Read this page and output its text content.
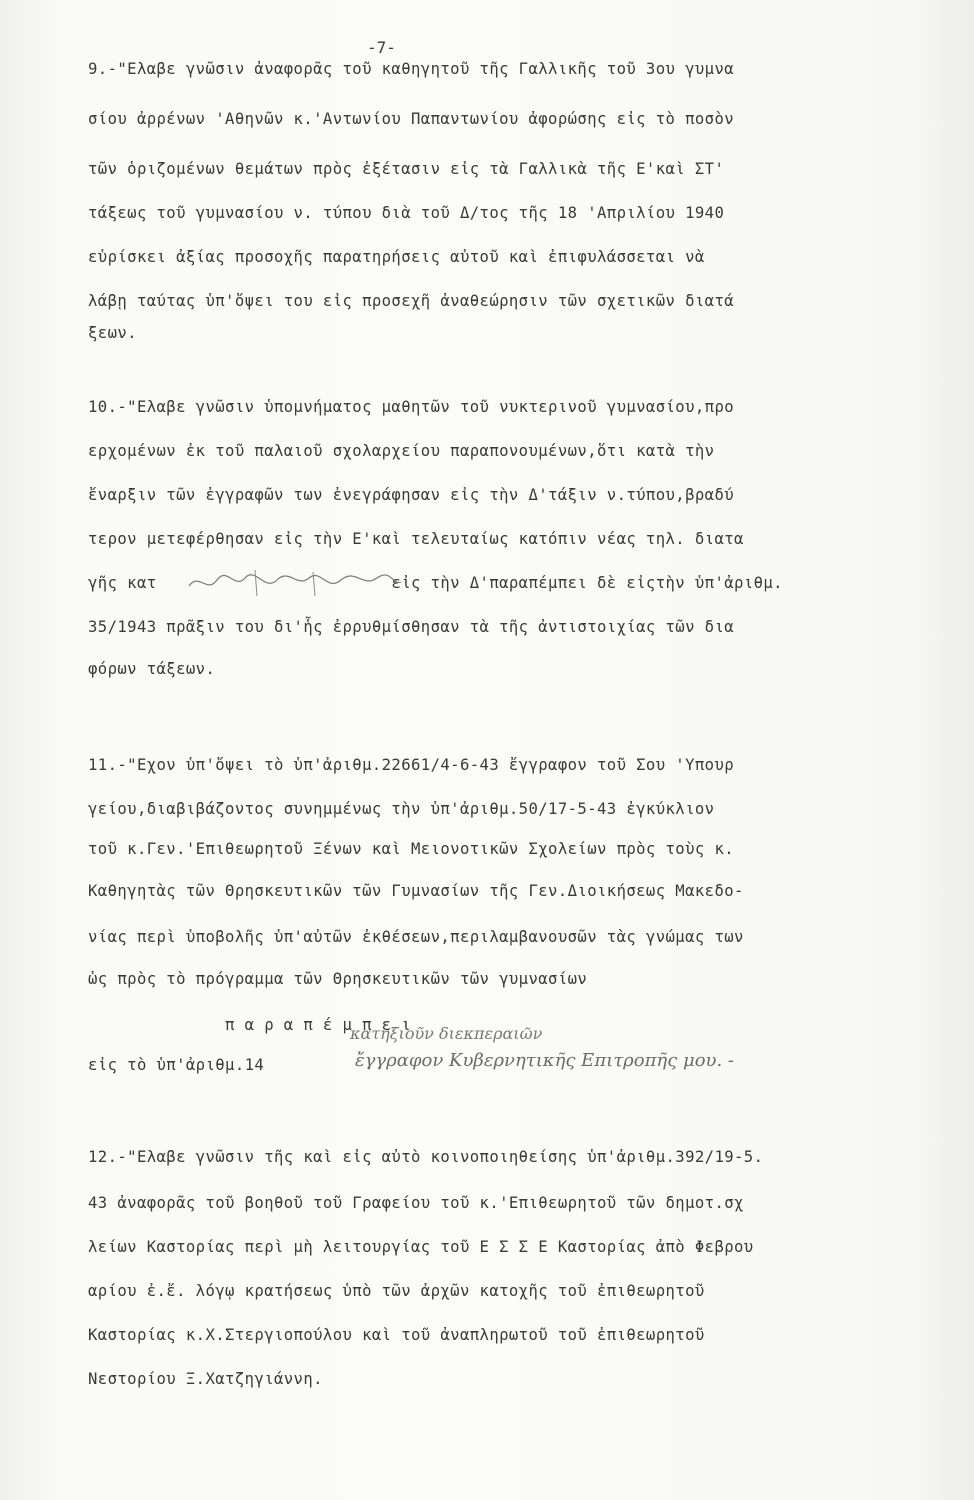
-7-
9.-"Ελαβε γνῶσιν ἀναφορᾶς τοῦ καθηγητοῦ τῆς Γαλλικῆς τοῦ 3ου γυμνα
σίου ἀρρένων 'Αθηνῶν κ.'Αντωνίου Παπαντωνίου ἀφορώσης εἰς τὸ ποσὸν
τῶν ὁριζομένων θεμάτων πρὸς ἐξέτασιν εἰς τὰ Γαλλικὰ τῆς Ε'καὶ ΣΤ'
τάξεως τοῦ γυμνασίου ν. τύπου διὰ τοῦ Δ/τος τῆς 18 'Απριλίου 1940
εὑρίσκει ἀξίας προσοχῆς παρατηρήσεις αὐτοῦ καὶ ἐπιφυλάσσεται νὰ
λάβῃ ταύτας ὑπ'ὄψει του εἰς προσεχῆ ἀναθεώρησιν τῶν σχετικῶν διατά
ξεων.
10.-"Ελαβε γνῶσιν ὑπομνήματος μαθητῶν τοῦ νυκτερινοῦ γυμνασίου,προ
ερχομένων ἐκ τοῦ παλαιοῦ σχολαρχείου παραπονουμένων,ὅτι κατὰ τὴν
ἔναρξιν τῶν ἐγγραφῶν των ἐνεγράφησαν εἰς τὴν Δ'τάξιν ν.τύπου,βραδύ
τερον μετεφέρθησαν εἰς τὴν Ε'καὶ τελευταίως κατόπιν νέας τηλ. διατα
γῆς κατ                        εἰς τὴν Δ'παραπέμπει δὲ εἰςτὴν ὑπ'ἀριθμ.
35/1943 πρᾶξιν του δι'ἧς ἐρρυθμίσθησαν τὰ τῆς ἀντιστοιχίας τῶν δια
φόρων τάξεων.
11.-"Εχον ὑπ'ὄψει τὸ ὑπ'ἀριθμ.22661/4-6-43 ἔγγραφον τοῦ Σου 'Υπουρ
γείου,διαβιβάζοντος συνημμένως τὴν ὑπ'ἀριθμ.50/17-5-43 ἐγκύκλιον
τοῦ κ.Γεν.'Επιθεωρητοῦ Ξένων καὶ Μειονοτικῶν Σχολείων πρὸς τοὺς κ.
Καθηγητὰς τῶν Θρησκευτικῶν τῶν Γυμνασίων τῆς Γεν.Διοικήσεως Μακεδο-
νίας περὶ ὑποβολῆς ὑπ'αὐτῶν ἐκθέσεων,περιλαμβανουσῶν τὰς γνώμας των
ὡς πρὸς τὸ πρόγραμμα τῶν Θρησκευτικῶν τῶν γυμνασίων
π α ρ α π έ μ π ε ι
εἰς τὸ ὑπ'ἀριθμ.14
κατηξιοῦν διεκπεραιῶν
ἔγγραφον Κυβερνητικῆς Επιτροπῆς μου. -
12.-"Ελαβε γνῶσιν τῆς καὶ εἰς αὐτὸ κοινοποιηθείσης ὑπ'ἀριθμ.392/19-5.
43 ἀναφορᾶς τοῦ βοηθοῦ τοῦ Γραφείου τοῦ κ.'Επιθεωρητοῦ τῶν δημοτ.σχ
λείων Καστορίας περὶ μὴ λειτουργίας τοῦ Ε Σ Σ Ε Καστορίας ἀπὸ Φεβρου
αρίου ἐ.ἔ. λόγῳ κρατήσεως ὑπὸ τῶν ἀρχῶν κατοχῆς τοῦ ἐπιθεωρητοῦ
Καστορίας κ.Χ.Στεργιοπούλου καὶ τοῦ ἀναπληρωτοῦ τοῦ ἐπιθεωρητοῦ
Νεστορίου Ξ.Χατζηγιάννη.
